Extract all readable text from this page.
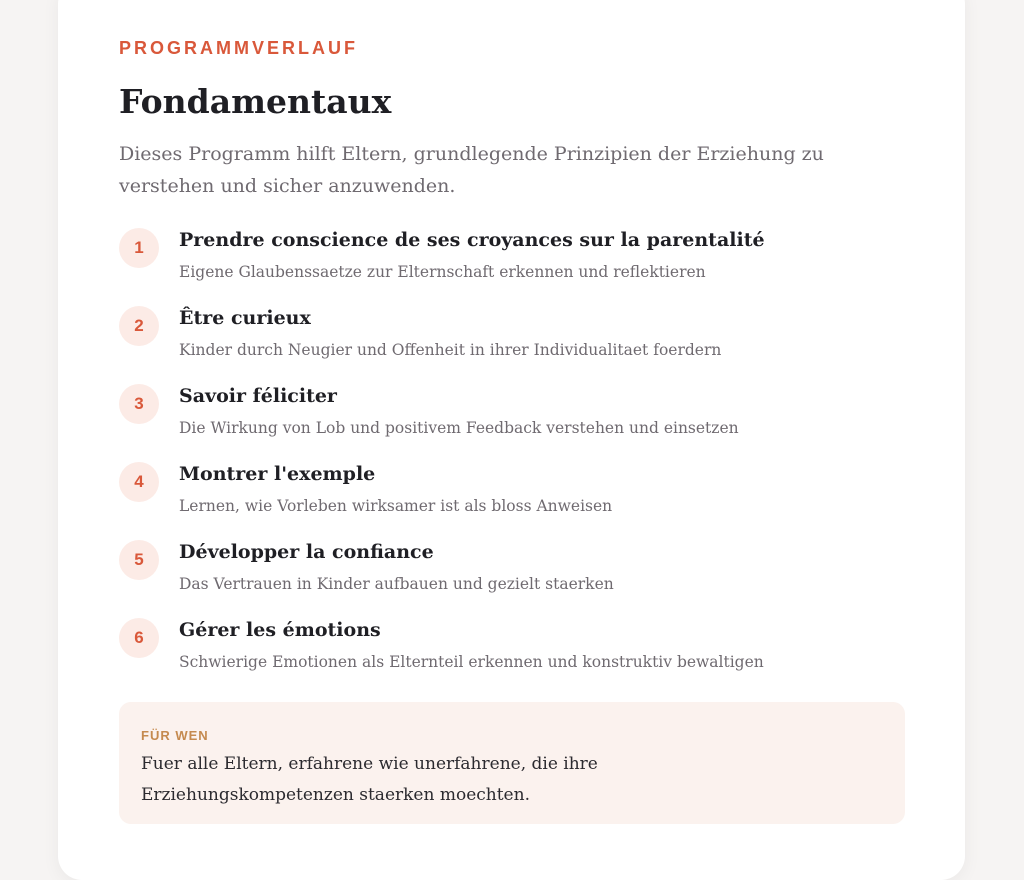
PROGRAMMVERLAUF
Fondamentaux

Dieses Programm hilft Eltern, grundlegende Prinzipien der Erziehung zu verstehen und sicher anzuwenden.

1	Prendre conscience de ses croyances sur la parentalité
Eigene Glaubenssaetze zur Elternschaft erkennen und reflektieren
2	Être curieux
Kinder durch Neugier und Offenheit in ihrer Individualitaet foerdern
3	Savoir féliciter
Die Wirkung von Lob und positivem Feedback verstehen und einsetzen
4	Montrer l'exemple
Lernen, wie Vorleben wirksamer ist als bloss Anweisen
5	Développer la confiance
Das Vertrauen in Kinder aufbauen und gezielt staerken
6	Gérer les émotions
Schwierige Emotionen als Elternteil erkennen und konstruktiv bewaltigen
FÜR WEN

Fuer alle Eltern, erfahrene wie unerfahrene, die ihre Erziehungskompetenzen staerken moechten.
